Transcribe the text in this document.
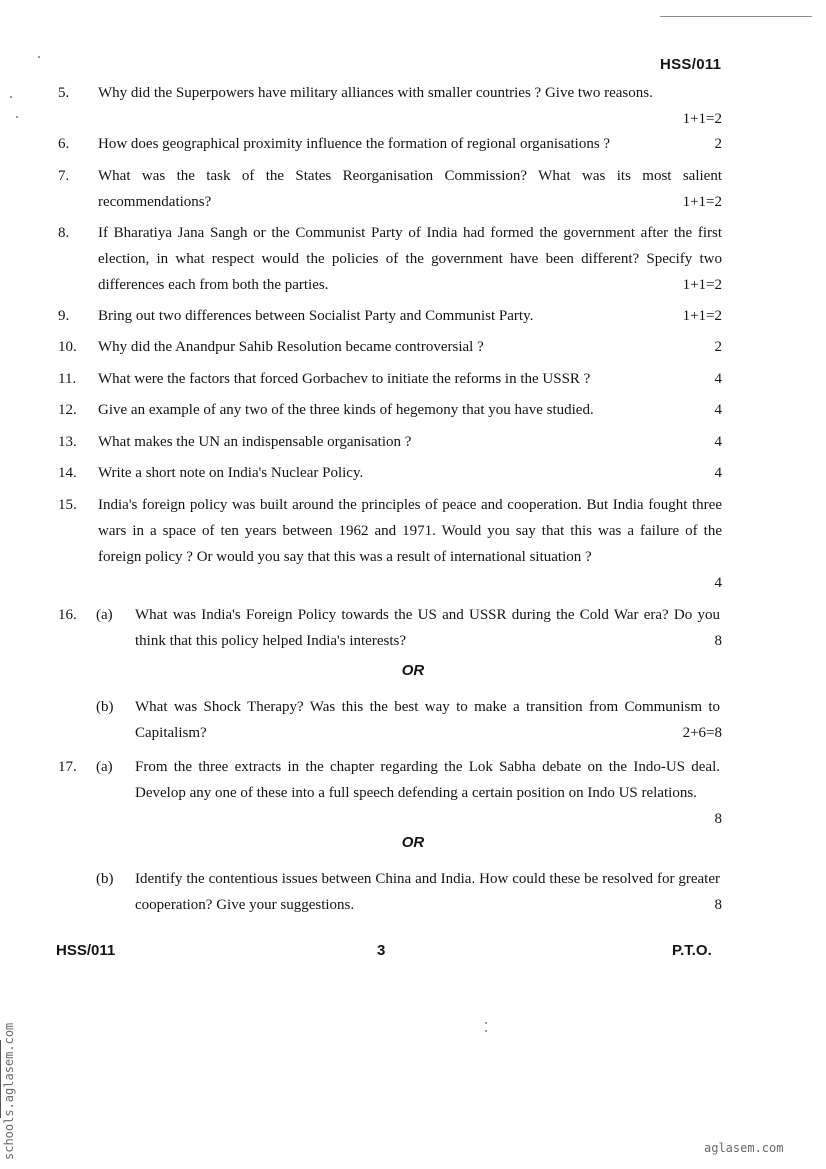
HSS/011
5. Why did the Superpowers have military alliances with smaller countries ? Give two reasons.
1+1=2
6. How does geographical proximity influence the formation of regional organisations ?	2
7. What was the task of the States Reorganisation Commission? What was its most salient recommendations?	1+1=2
8. If Bharatiya Jana Sangh or the Communist Party of India had formed the government after the first election, in what respect would the policies of the government have been different? Specify two differences each from both the parties.	1+1=2
9. Bring out two differences between Socialist Party and Communist Party.	1+1=2
10. Why did the Anandpur Sahib Resolution became controversial ?	2
11. What were the factors that forced Gorbachev to initiate the reforms in the USSR ?	4
12. Give an example of any two of the three kinds of hegemony that you have studied.	4
13. What makes the UN an indispensable organisation ?	4
14. Write a short note on India's Nuclear Policy.	4
15. India's foreign policy was built around the principles of peace and cooperation. But India fought three wars in a space of ten years between 1962 and 1971. Would you say that this was a failure of the foreign policy ? Or would you say that this was a result of international situation ?
4
16. (a) What was India's Foreign Policy towards the US and USSR during the Cold War era? Do you think that this policy helped India's interests?	8
OR
(b) What was Shock Therapy? Was this the best way to make a transition from Communism to Capitalism?	2+6=8
17. (a) From the three extracts in the chapter regarding the Lok Sabha debate on the Indo-US deal. Develop any one of these into a full speech defending a certain position on Indo US relations.
8
OR
(b) Identify the contentious issues between China and India. How could these be resolved for greater cooperation? Give your suggestions.	8
HSS/011	3	P.T.O.
schools.aglasem.com	aglasem.com
